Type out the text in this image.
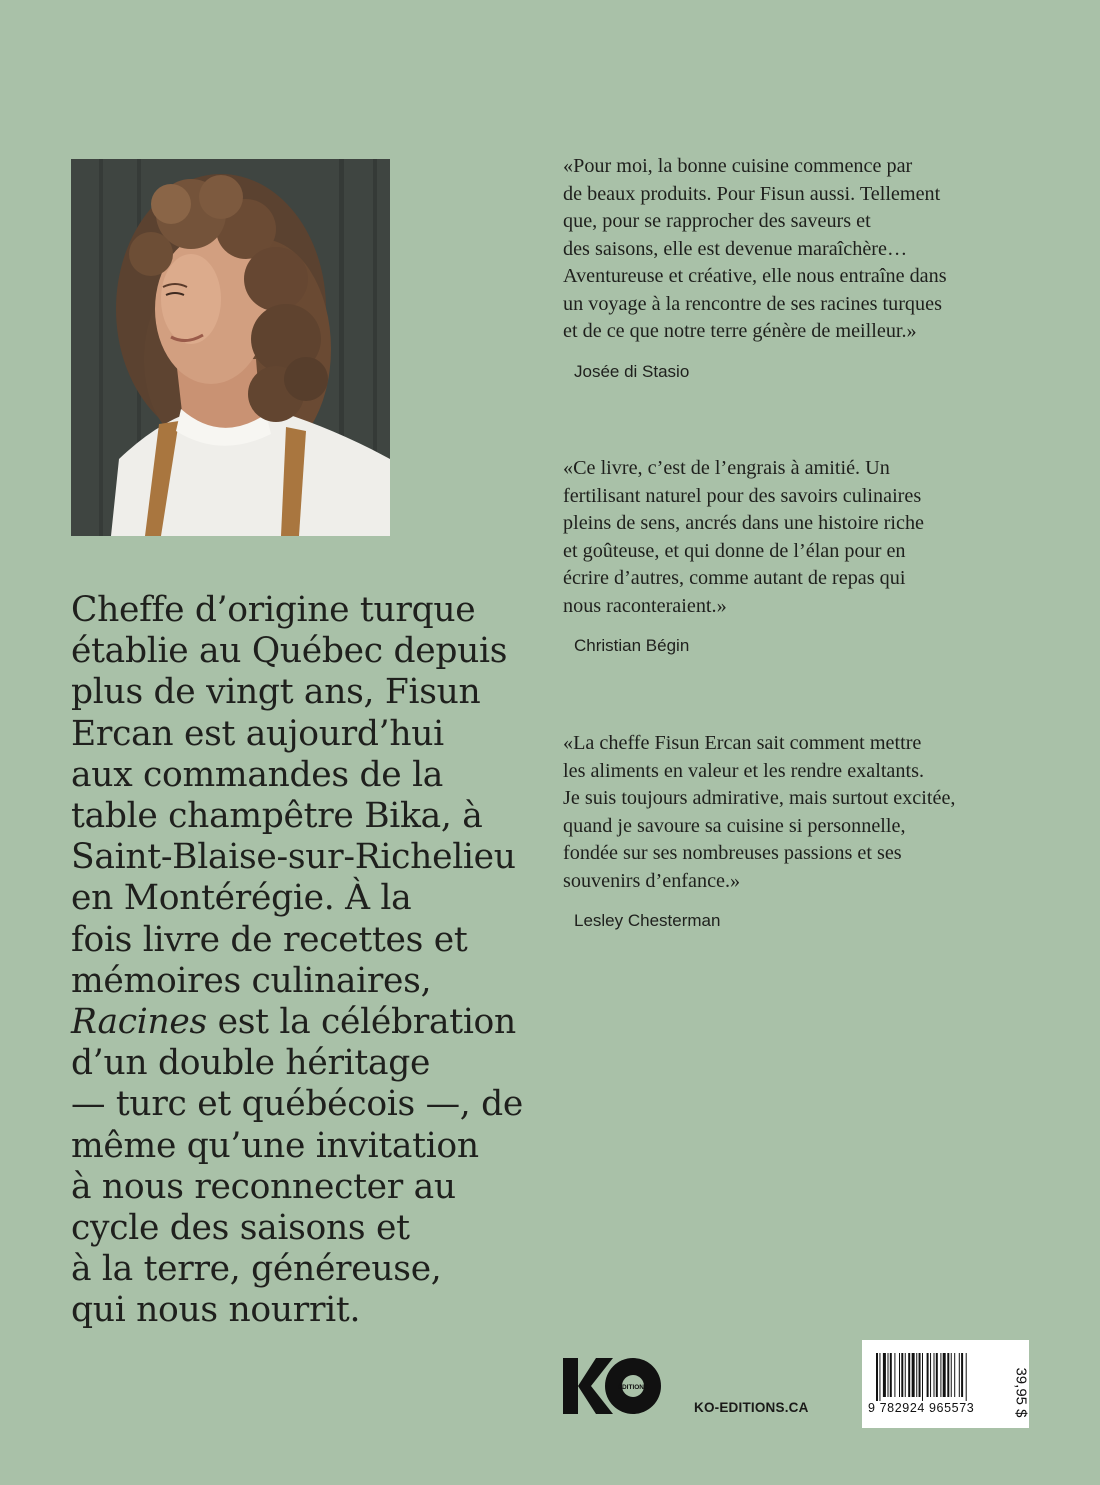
Cheffe d’origine turque
établie au Québec depuis
plus de vingt ans, Fisun
Ercan est aujourd’hui
aux commandes de la
table champêtre Bika, à
Saint-Blaise-sur-Richelieu
en Montérégie. À la
fois livre de recettes et
mémoires culinaires,
Racines est la célébration
d’un double héritage
— turc et québécois —, de
même qu’une invitation
à nous reconnecter au
cycle des saisons et
à la terre, généreuse,
qui nous nourrit.

«Pour moi, la bonne cuisine commence par
de beaux produits. Pour Fisun aussi. Tellement
que, pour se rapprocher des saveurs et
des saisons, elle est devenue maraîchère…
Aventureuse et créative, elle nous entraîne dans
un voyage à la rencontre de ses racines turques
et de ce que notre terre génère de meilleur.»

Josée di Stasio

«Ce livre, c’est de l’engrais à amitié. Un
fertilisant naturel pour des savoirs culinaires
pleins de sens, ancrés dans une histoire riche
et goûteuse, et qui donne de l’élan pour en
écrire d’autres, comme autant de repas qui
nous raconteraient.»

Christian Bégin

«La cheffe Fisun Ercan sait comment mettre
les aliments en valeur et les rendre exaltants.
Je suis toujours admirative, mais surtout excitée,
quand je savoure sa cuisine si personnelle,
fondée sur ses nombreuses passions et ses
souvenirs d’enfance.»

Lesley Chesterman
ÉDITIONS
KO-EDITIONS.CA	9 782924 965573	39,95 $
